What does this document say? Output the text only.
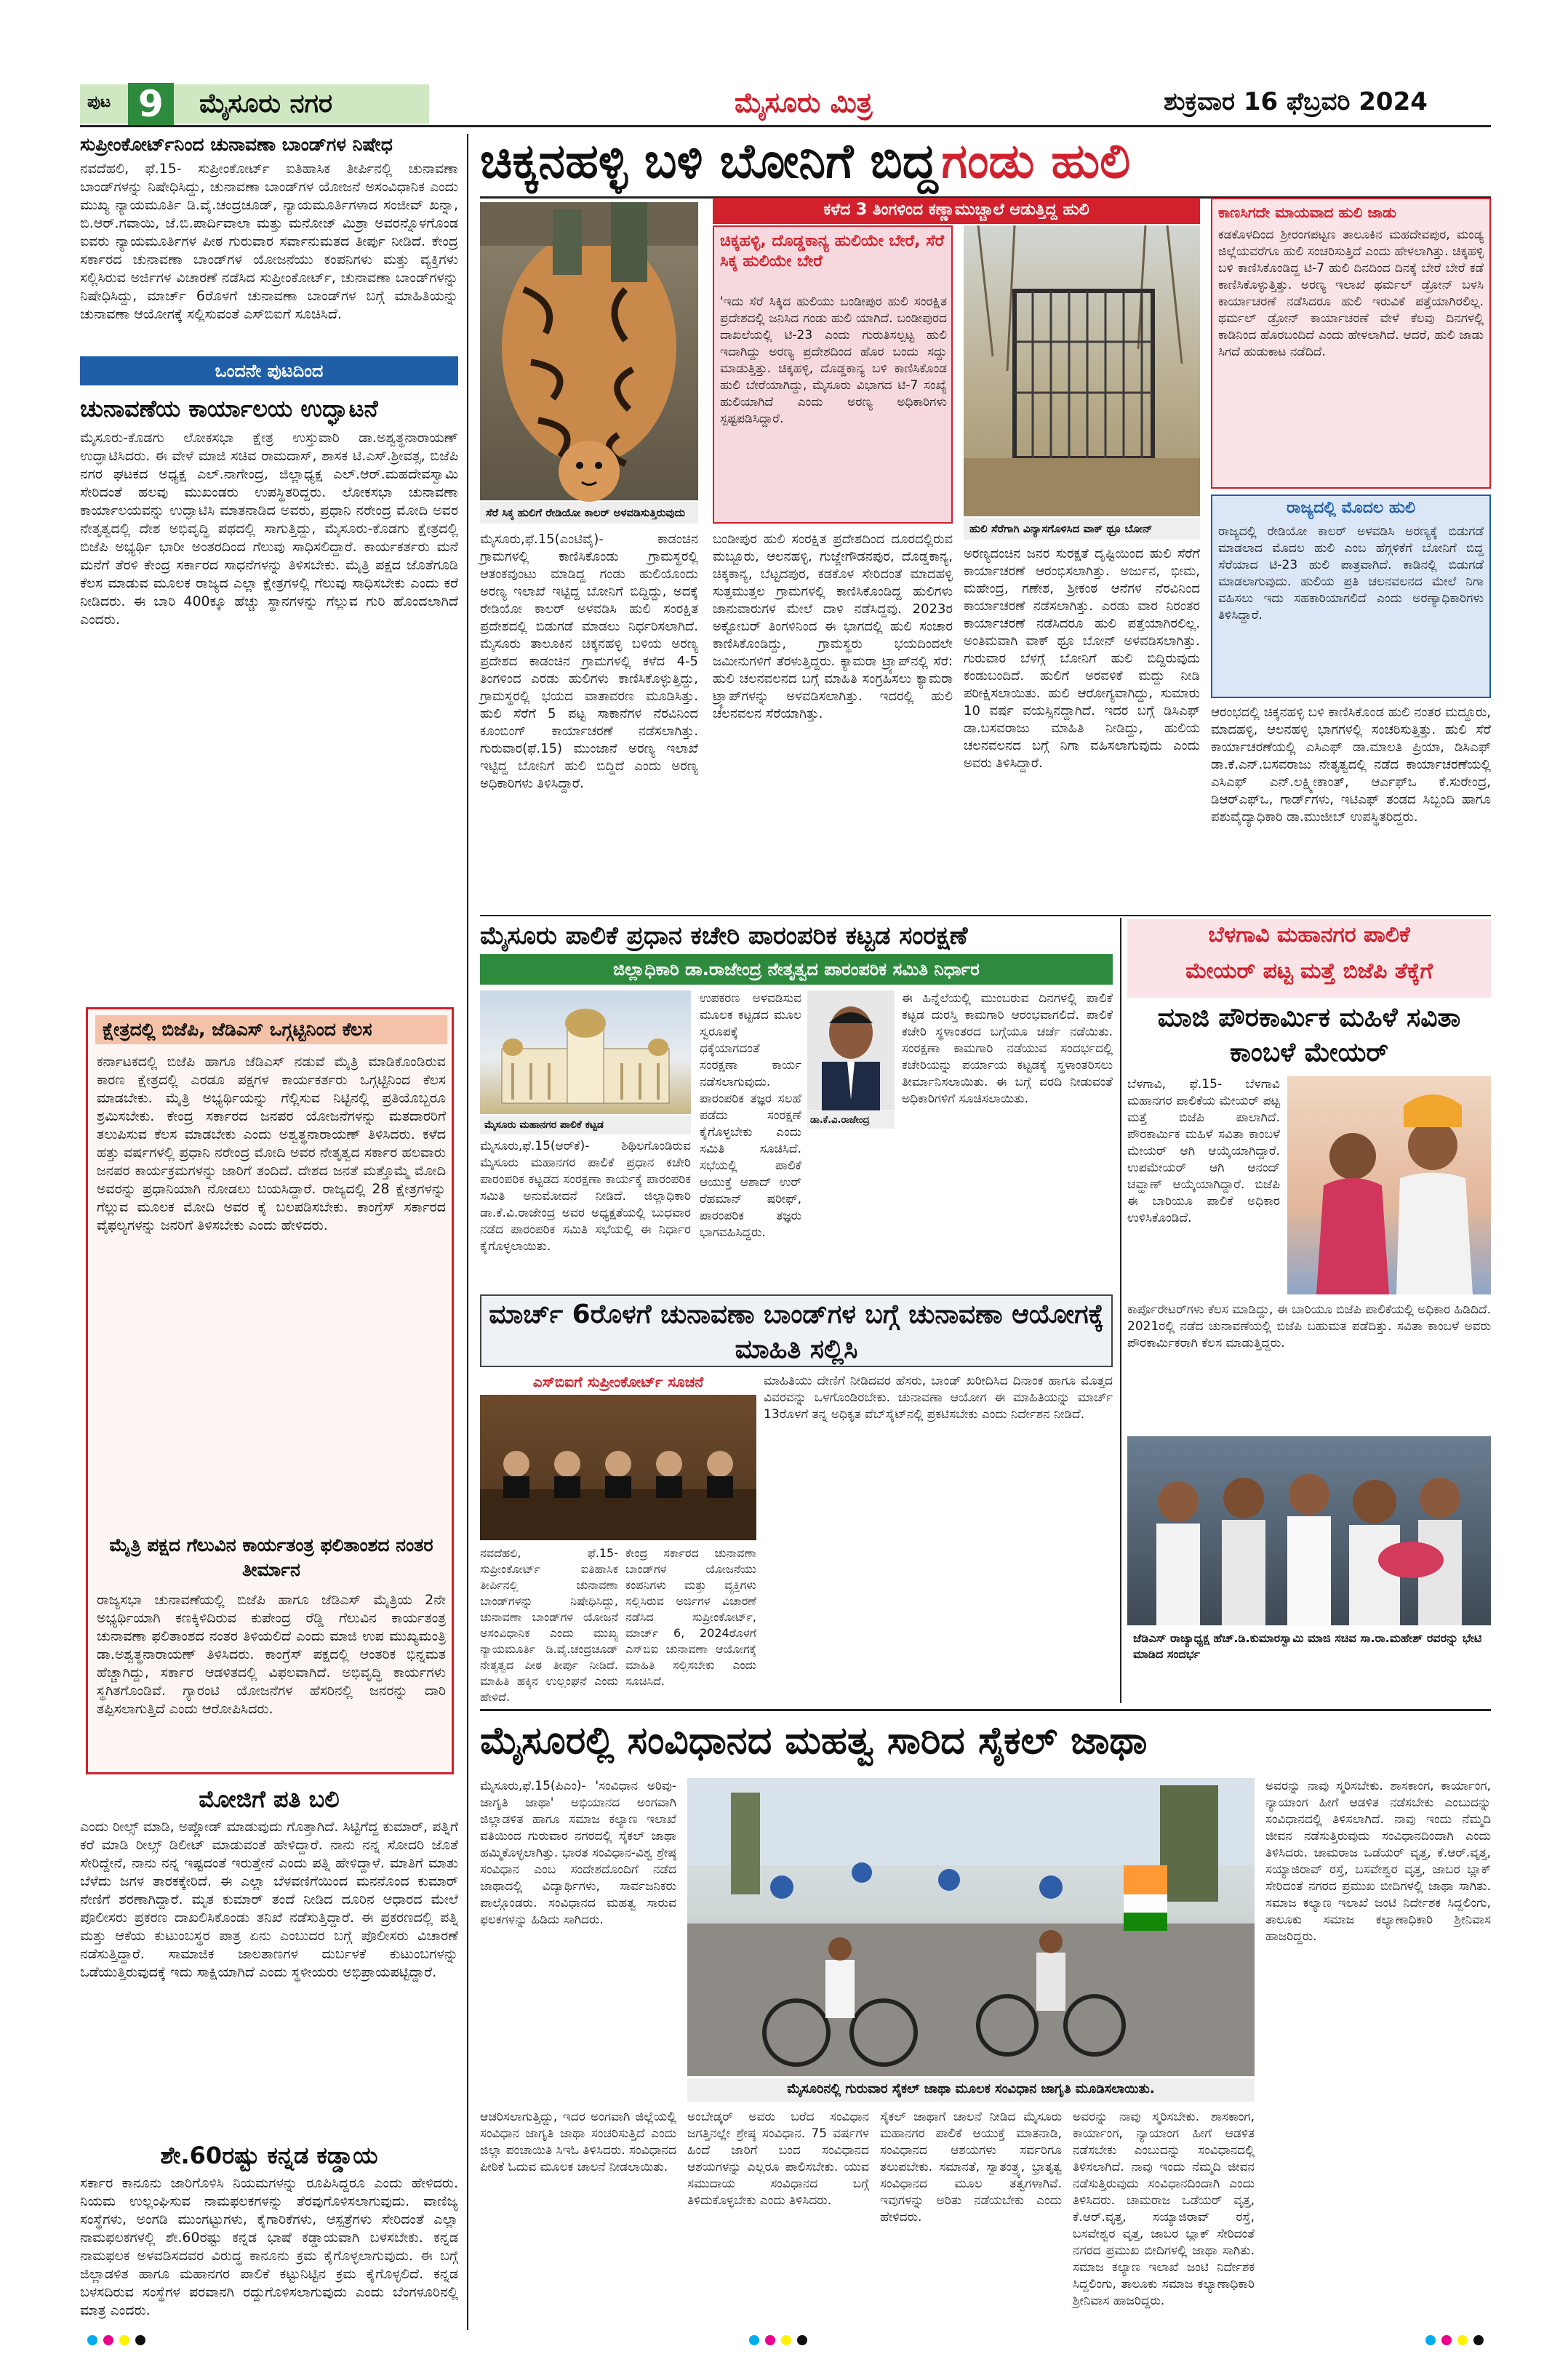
ಪುಟ 9	ಮೈಸೂರು ನಗರ	ಮೈಸೂರು ಮಿತ್ರ	ಶುಕ್ರವಾರ 16 ಫೆಬ್ರವರಿ 2024
ಸುಪ್ರೀಂಕೋರ್ಟ್‌ನಿಂದ ಚುನಾವಣಾ ಬಾಂಡ್‌ಗಳ ನಿಷೇಧ
ನವದೆಹಲಿ, ಫೆ.15- ಸುಪ್ರೀಂಕೋರ್ಟ್ ಐತಿಹಾಸಿಕ ತೀರ್ಪಿನಲ್ಲಿ ಚುನಾವಣಾ ಬಾಂಡ್‌ಗಳನ್ನು ನಿಷೇಧಿಸಿದ್ದು, ಚುನಾವಣಾ ಬಾಂಡ್‌ಗಳ ಯೋಜನೆ ಅಸಂವಿಧಾನಿಕ ಎಂದು ಮುಖ್ಯ ನ್ಯಾಯಮೂರ್ತಿ ಡಿ.ವೈ.ಚಂದ್ರಚೂಡ್, ನ್ಯಾಯಮೂರ್ತಿಗಳಾದ ಸಂಜೀವ್ ಖನ್ನಾ, ಬಿ.ಆರ್.ಗವಾಯಿ, ಜೆ.ಬಿ.ಪಾರ್ದಿವಾಲಾ ಮತ್ತು ಮನೋಜ್ ಮಿಶ್ರಾ ಅವರನ್ನೊಳಗೊಂಡ ಐವರು ನ್ಯಾಯಮೂರ್ತಿಗಳ ಪೀಠ ಗುರುವಾರ ಸರ್ವಾನುಮತದ ತೀರ್ಪು ನೀಡಿದೆ. ಕೇಂದ್ರ ಸರ್ಕಾರದ ಚುನಾವಣಾ ಬಾಂಡ್‌ಗಳ ಯೋಜನೆಯು ಕಂಪನಿಗಳು ಮತ್ತು ವ್ಯಕ್ತಿಗಳು ಸಲ್ಲಿಸಿರುವ ಅರ್ಜಿಗಳ ವಿಚಾರಣೆ ನಡೆಸಿದ ಸುಪ್ರೀಂಕೋರ್ಟ್, ಚುನಾವಣಾ ಬಾಂಡ್‌ಗಳನ್ನು ನಿಷೇಧಿಸಿದ್ದು, ಮಾರ್ಚ್ 6ರೊಳಗೆ ಚುನಾವಣಾ ಬಾಂಡ್‌ಗಳ ಬಗ್ಗೆ ಮಾಹಿತಿಯನ್ನು ಚುನಾವಣಾ ಆಯೋಗಕ್ಕೆ ಸಲ್ಲಿಸುವಂತೆ ಎಸ್‌ಬಿಐಗೆ ಸೂಚಿಸಿದೆ.
ಒಂದನೇ ಪುಟದಿಂದ
ಚುನಾವಣೆಯ ಕಾರ್ಯಾಲಯ ಉದ್ಘಾಟನೆ
ಮೈಸೂರು-ಕೊಡಗು ಲೋಕಸಭಾ ಕ್ಷೇತ್ರ ಉಸ್ತುವಾರಿ ಡಾ.ಅಶ್ವತ್ಥನಾರಾಯಣ್ ಉದ್ಘಾಟಿಸಿದರು. ಈ ವೇಳೆ ಮಾಜಿ ಸಚಿವ ರಾಮದಾಸ್, ಶಾಸಕ ಟಿ.ಎಸ್.ಶ್ರೀವತ್ಸ, ಬಿಜೆಪಿ ನಗರ ಘಟಕದ ಅಧ್ಯಕ್ಷ ಎಲ್.ನಾಗೇಂದ್ರ, ಜಿಲ್ಲಾಧ್ಯಕ್ಷ ಎಲ್.ಆರ್.ಮಹದೇವಸ್ವಾಮಿ ಸೇರಿದಂತೆ ಹಲವು ಮುಖಂಡರು ಉಪಸ್ಥಿತರಿದ್ದರು. ಲೋಕಸಭಾ ಚುನಾವಣಾ ಕಾರ್ಯಾಲಯವನ್ನು ಉದ್ಘಾಟಿಸಿ ಮಾತನಾಡಿದ ಅವರು, ಪ್ರಧಾನಿ ನರೇಂದ್ರ ಮೋದಿ ಅವರ ನೇತೃತ್ವದಲ್ಲಿ ದೇಶ ಅಭಿವೃದ್ಧಿ ಪಥದಲ್ಲಿ ಸಾಗುತ್ತಿದ್ದು, ಮೈಸೂರು-ಕೊಡಗು ಕ್ಷೇತ್ರದಲ್ಲಿ ಬಿಜೆಪಿ ಅಭ್ಯರ್ಥಿ ಭಾರೀ ಅಂತರದಿಂದ ಗೆಲುವು ಸಾಧಿಸಲಿದ್ದಾರೆ. ಕಾರ್ಯಕರ್ತರು ಮನೆ ಮನೆಗೆ ತೆರಳಿ ಕೇಂದ್ರ ಸರ್ಕಾರದ ಸಾಧನೆಗಳನ್ನು ತಿಳಿಸಬೇಕು. ಮೈತ್ರಿ ಪಕ್ಷದ ಜೊತೆಗೂಡಿ ಕೆಲಸ ಮಾಡುವ ಮೂಲಕ ರಾಜ್ಯದ ಎಲ್ಲಾ ಕ್ಷೇತ್ರಗಳಲ್ಲಿ ಗೆಲುವು ಸಾಧಿಸಬೇಕು ಎಂದು ಕರೆ ನೀಡಿದರು. ಈ ಬಾರಿ 400ಕ್ಕೂ ಹೆಚ್ಚು ಸ್ಥಾನಗಳನ್ನು ಗೆಲ್ಲುವ ಗುರಿ ಹೊಂದಲಾಗಿದೆ ಎಂದರು.
ಕ್ಷೇತ್ರದಲ್ಲಿ ಬಿಜೆಪಿ, ಜೆಡಿಎಸ್ ಒಗ್ಗಟ್ಟಿನಿಂದ ಕೆಲಸ
ಕರ್ನಾಟಕದಲ್ಲಿ ಬಿಜೆಪಿ ಹಾಗೂ ಜೆಡಿಎಸ್ ನಡುವೆ ಮೈತ್ರಿ ಮಾಡಿಕೊಂಡಿರುವ ಕಾರಣ ಕ್ಷೇತ್ರದಲ್ಲಿ ಎರಡೂ ಪಕ್ಷಗಳ ಕಾರ್ಯಕರ್ತರು ಒಗ್ಗಟ್ಟಿನಿಂದ ಕೆಲಸ ಮಾಡಬೇಕು. ಮೈತ್ರಿ ಅಭ್ಯರ್ಥಿಯನ್ನು ಗೆಲ್ಲಿಸುವ ನಿಟ್ಟಿನಲ್ಲಿ ಪ್ರತಿಯೊಬ್ಬರೂ ಶ್ರಮಿಸಬೇಕು. ಕೇಂದ್ರ ಸರ್ಕಾರದ ಜನಪರ ಯೋಜನೆಗಳನ್ನು ಮತದಾರರಿಗೆ ತಲುಪಿಸುವ ಕೆಲಸ ಮಾಡಬೇಕು ಎಂದು ಅಶ್ವತ್ಥನಾರಾಯಣ್ ತಿಳಿಸಿದರು. ಕಳೆದ ಹತ್ತು ವರ್ಷಗಳಲ್ಲಿ ಪ್ರಧಾನಿ ನರೇಂದ್ರ ಮೋದಿ ಅವರ ನೇತೃತ್ವದ ಸರ್ಕಾರ ಹಲವಾರು ಜನಪರ ಕಾರ್ಯಕ್ರಮಗಳನ್ನು ಜಾರಿಗೆ ತಂದಿದೆ. ದೇಶದ ಜನತೆ ಮತ್ತೊಮ್ಮೆ ಮೋದಿ ಅವರನ್ನು ಪ್ರಧಾನಿಯಾಗಿ ನೋಡಲು ಬಯಸಿದ್ದಾರೆ. ರಾಜ್ಯದಲ್ಲಿ 28 ಕ್ಷೇತ್ರಗಳನ್ನು ಗೆಲ್ಲುವ ಮೂಲಕ ಮೋದಿ ಅವರ ಕೈ ಬಲಪಡಿಸಬೇಕು. ಕಾಂಗ್ರೆಸ್ ಸರ್ಕಾರದ ವೈಫಲ್ಯಗಳನ್ನು ಜನರಿಗೆ ತಿಳಿಸಬೇಕು ಎಂದು ಹೇಳಿದರು.
ಮೈತ್ರಿ ಪಕ್ಷದ ಗೆಲುವಿನ ಕಾರ್ಯತಂತ್ರ ಫಲಿತಾಂಶದ ನಂತರ ತೀರ್ಮಾನ
ರಾಜ್ಯಸಭಾ ಚುನಾವಣೆಯಲ್ಲಿ ಬಿಜೆಪಿ ಹಾಗೂ ಜೆಡಿಎಸ್ ಮೈತ್ರಿಯ 2ನೇ ಅಭ್ಯರ್ಥಿಯಾಗಿ ಕಣಕ್ಕಿಳಿದಿರುವ ಕುಪೇಂದ್ರ ರೆಡ್ಡಿ ಗೆಲುವಿನ ಕಾರ್ಯತಂತ್ರ ಚುನಾವಣಾ ಫಲಿತಾಂಶದ ನಂತರ ತಿಳಿಯಲಿದೆ ಎಂದು ಮಾಜಿ ಉಪ ಮುಖ್ಯಮಂತ್ರಿ ಡಾ.ಅಶ್ವತ್ಥನಾರಾಯಣ್ ತಿಳಿಸಿದರು. ಕಾಂಗ್ರೆಸ್ ಪಕ್ಷದಲ್ಲಿ ಆಂತರಿಕ ಭಿನ್ನಮತ ಹೆಚ್ಚಾಗಿದ್ದು, ಸರ್ಕಾರ ಆಡಳಿತದಲ್ಲಿ ವಿಫಲವಾಗಿದೆ. ಅಭಿವೃದ್ಧಿ ಕಾರ್ಯಗಳು ಸ್ಥಗಿತಗೊಂಡಿವೆ. ಗ್ಯಾರಂಟಿ ಯೋಜನೆಗಳ ಹೆಸರಿನಲ್ಲಿ ಜನರನ್ನು ದಾರಿ ತಪ್ಪಿಸಲಾಗುತ್ತಿದೆ ಎಂದು ಆರೋಪಿಸಿದರು.
ಮೋಜಿಗೆ ಪತಿ ಬಲಿ
ಎಂದು ರೀಲ್ಸ್ ಮಾಡಿ, ಅಪ್ಲೋಡ್ ಮಾಡುವುದು ಗೊತ್ತಾಗಿದೆ. ಸಿಟ್ಟಿಗೆದ್ದ ಕುಮಾರ್, ಪತ್ನಿಗೆ ಕರೆ ಮಾಡಿ ರೀಲ್ಸ್ ಡಿಲೀಟ್ ಮಾಡುವಂತೆ ಹೇಳಿದ್ದಾರೆ. ನಾನು ನನ್ನ ಸೋದರಿ ಜೊತೆ ಸೇರಿದ್ದೇನೆ, ನಾನು ನನ್ನ ಇಷ್ಟದಂತೆ ಇರುತ್ತೇನೆ ಎಂದು ಪತ್ನಿ ಹೇಳಿದ್ದಾಳೆ. ಮಾತಿಗೆ ಮಾತು ಬೆಳೆದು ಜಗಳ ತಾರಕಕ್ಕೇರಿದೆ. ಈ ಎಲ್ಲಾ ಬೆಳವಣಿಗೆಯಿಂದ ಮನನೊಂದ ಕುಮಾರ್ ನೇಣಿಗೆ ಶರಣಾಗಿದ್ದಾರೆ. ಮೃತ ಕುಮಾರ್ ತಂದೆ ನೀಡಿದ ದೂರಿನ ಆಧಾರದ ಮೇಲೆ ಪೊಲೀಸರು ಪ್ರಕರಣ ದಾಖಲಿಸಿಕೊಂಡು ತನಿಖೆ ನಡೆಸುತ್ತಿದ್ದಾರೆ. ಈ ಪ್ರಕರಣದಲ್ಲಿ ಪತ್ನಿ ಮತ್ತು ಆಕೆಯ ಕುಟುಂಬಸ್ಥರ ಪಾತ್ರ ಏನು ಎಂಬುದರ ಬಗ್ಗೆ ಪೊಲೀಸರು ವಿಚಾರಣೆ ನಡೆಸುತ್ತಿದ್ದಾರೆ. ಸಾಮಾಜಿಕ ಜಾಲತಾಣಗಳ ದುರ್ಬಳಕೆ ಕುಟುಂಬಗಳನ್ನು ಒಡೆಯುತ್ತಿರುವುದಕ್ಕೆ ಇದು ಸಾಕ್ಷಿಯಾಗಿದೆ ಎಂದು ಸ್ಥಳೀಯರು ಅಭಿಪ್ರಾಯಪಟ್ಟಿದ್ದಾರೆ.
ಶೇ.60ರಷ್ಟು ಕನ್ನಡ ಕಡ್ಡಾಯ
ಸರ್ಕಾರ ಕಾನೂನು ಜಾರಿಗೊಳಿಸಿ ನಿಯಮಗಳನ್ನು ರೂಪಿಸಿದ್ದರೂ ಎಂದು ಹೇಳಿದರು. ನಿಯಮ ಉಲ್ಲಂಘಿಸುವ ನಾಮಫಲಕಗಳನ್ನು ತೆರವುಗೊಳಿಸಲಾಗುವುದು. ವಾಣಿಜ್ಯ ಸಂಸ್ಥೆಗಳು, ಅಂಗಡಿ ಮುಂಗಟ್ಟುಗಳು, ಕೈಗಾರಿಕೆಗಳು, ಆಸ್ಪತ್ರೆಗಳು ಸೇರಿದಂತೆ ಎಲ್ಲಾ ನಾಮಫಲಕಗಳಲ್ಲಿ ಶೇ.60ರಷ್ಟು ಕನ್ನಡ ಭಾಷೆ ಕಡ್ಡಾಯವಾಗಿ ಬಳಸಬೇಕು. ಕನ್ನಡ ನಾಮಫಲಕ ಅಳವಡಿಸದವರ ವಿರುದ್ಧ ಕಾನೂನು ಕ್ರಮ ಕೈಗೊಳ್ಳಲಾಗುವುದು. ಈ ಬಗ್ಗೆ ಜಿಲ್ಲಾಡಳಿತ ಹಾಗೂ ಮಹಾನಗರ ಪಾಲಿಕೆ ಕಟ್ಟುನಿಟ್ಟಿನ ಕ್ರಮ ಕೈಗೊಳ್ಳಲಿದೆ. ಕನ್ನಡ ಬಳಸದಿರುವ ಸಂಸ್ಥೆಗಳ ಪರವಾನಗಿ ರದ್ದುಗೊಳಿಸಲಾಗುವುದು ಎಂದು ಬೆಂಗಳೂರಿನಲ್ಲಿ ಮಾತ್ರ ಎಂದರು.
ಚಿಕ್ಕನಹಳ್ಳಿ ಬಳಿ ಬೋನಿಗೆ ಬಿದ್ದ ಗಂಡು ಹುಲಿ
ಸೆರೆ ಸಿಕ್ಕ ಹುಲಿಗೆ ರೇಡಿಯೋ ಕಾಲರ್ ಅಳವಡಿಸುತ್ತಿರುವುದು
ಕಳೆದ 3 ತಿಂಗಳಿಂದ ಕಣ್ಣಾಮುಚ್ಚಾಲೆ ಆಡುತ್ತಿದ್ದ ಹುಲಿ
ಚಿಕ್ಕಹಳ್ಳಿ, ದೊಡ್ಡಕಾನ್ಯ ಹುಲಿಯೇ ಬೇರೆ, ಸೆರೆ ಸಿಕ್ಕ ಹುಲಿಯೇ ಬೇರೆ
'ಇದು ಸೆರೆ ಸಿಕ್ಕಿದ ಹುಲಿಯು ಬಂಡೀಪುರ ಹುಲಿ ಸಂರಕ್ಷಿತ ಪ್ರದೇಶದಲ್ಲಿ ಜನಿಸಿದ ಗಂಡು ಹುಲಿ ಯಾಗಿದೆ. ಬಂಡೀಪುರದ ದಾಖಲೆಯಲ್ಲಿ ಟಿ-23 ಎಂದು ಗುರುತಿಸಲ್ಪಟ್ಟ ಹುಲಿ ಇದಾಗಿದ್ದು ಅರಣ್ಯ ಪ್ರದೇಶದಿಂದ ಹೊರ ಬಂದು ಸದ್ದು ಮಾಡುತ್ತಿತ್ತು. ಚಿಕ್ಕಹಳ್ಳಿ, ದೊಡ್ಡಕಾನ್ಯ ಬಳಿ ಕಾಣಿಸಿಕೊಂಡ ಹುಲಿ ಬೇರೆಯಾಗಿದ್ದು, ಮೈಸೂರು ವಿಭಾಗದ ಟಿ-7 ಸಂಖ್ಯೆ ಹುಲಿಯಾಗಿದೆ ಎಂದು ಅರಣ್ಯ ಅಧಿಕಾರಿಗಳು ಸ್ಪಷ್ಟಪಡಿಸಿದ್ದಾರೆ.
ಹುಲಿ ಸೆರೆಗಾಗಿ ವಿನ್ಯಾಸಗೊಳಿಸಿದ ವಾಕ್ ಥ್ರೂ ಬೋನ್
ಕಾಣಸಿಗದೇ ಮಾಯವಾದ ಹುಲಿ ಜಾಡು
ಕಡಕೊಳದಿಂದ ಶ್ರೀರಂಗಪಟ್ಟಣ ತಾಲೂಕಿನ ಮಹದೇವಪುರ, ಮಂಡ್ಯ ಜಿಲ್ಲೆಯವರೆಗೂ ಹುಲಿ ಸಂಚರಿಸುತ್ತಿದೆ ಎಂದು ಹೇಳಲಾಗಿತ್ತು. ಚಿಕ್ಕಹಳ್ಳಿ ಬಳಿ ಕಾಣಿಸಿಕೊಂಡಿದ್ದ ಟಿ-7 ಹುಲಿ ದಿನದಿಂದ ದಿನಕ್ಕೆ ಬೇರೆ ಬೇರೆ ಕಡೆ ಕಾಣಿಸಿಕೊಳ್ಳುತ್ತಿತ್ತು. ಅರಣ್ಯ ಇಲಾಖೆ ಥರ್ಮಲ್ ಡ್ರೋನ್ ಬಳಸಿ ಕಾರ್ಯಾಚರಣೆ ನಡೆಸಿದರೂ ಹುಲಿ ಇರುವಿಕೆ ಪತ್ತೆಯಾಗಿರಲಿಲ್ಲ. ಥರ್ಮಲ್ ಡ್ರೋನ್ ಕಾರ್ಯಾಚರಣೆ ವೇಳೆ ಕೆಲವು ದಿನಗಳಲ್ಲಿ ಕಾಡಿನಿಂದ ಹೊರಬಂದಿದೆ ಎಂದು ಹೇಳಲಾಗಿದೆ. ಆದರೆ, ಹುಲಿ ಜಾಡು ಸಿಗದೆ ಹುಡುಕಾಟ ನಡೆದಿದೆ.
ರಾಜ್ಯದಲ್ಲಿ ಮೊದಲ ಹುಲಿ
ರಾಜ್ಯದಲ್ಲಿ ರೇಡಿಯೋ ಕಾಲರ್ ಅಳವಡಿಸಿ ಅರಣ್ಯಕ್ಕೆ ಬಿಡುಗಡೆ ಮಾಡಲಾದ ಮೊದಲ ಹುಲಿ ಎಂಬ ಹೆಗ್ಗಳಿಕೆಗೆ ಬೋನಿಗೆ ಬಿದ್ದ ಸೆರೆಯಾದ ಟಿ-23 ಹುಲಿ ಪಾತ್ರವಾಗಿದೆ. ಕಾಡಿನಲ್ಲಿ ಬಿಡುಗಡೆ ಮಾಡಲಾಗುವುದು. ಹುಲಿಯ ಪ್ರತಿ ಚಲನವಲನದ ಮೇಲೆ ನಿಗಾ ವಹಿಸಲು ಇದು ಸಹಕಾರಿಯಾಗಲಿದೆ ಎಂದು ಅರಣ್ಯಾಧಿಕಾರಿಗಳು ತಿಳಿಸಿದ್ದಾರೆ.
ಮೈಸೂರು,ಫೆ.15(ಎಂಟಿವೈ)- ಕಾಡಂಚಿನ ಗ್ರಾಮಗಳಲ್ಲಿ ಕಾಣಿಸಿಕೊಂಡು ಗ್ರಾಮಸ್ಥರಲ್ಲಿ ಆತಂಕವುಂಟು ಮಾಡಿದ್ದ ಗಂಡು ಹುಲಿಯೊಂದು ಅರಣ್ಯ ಇಲಾಖೆ ಇಟ್ಟಿದ್ದ ಬೋನಿಗೆ ಬಿದ್ದಿದ್ದು, ಅದಕ್ಕೆ ರೇಡಿಯೋ ಕಾಲರ್ ಅಳವಡಿಸಿ ಹುಲಿ ಸಂರಕ್ಷಿತ ಪ್ರದೇಶದಲ್ಲಿ ಬಿಡುಗಡೆ ಮಾಡಲು ನಿರ್ಧರಿಸಲಾಗಿದೆ. ಮೈಸೂರು ತಾಲೂಕಿನ ಚಿಕ್ಕನಹಳ್ಳಿ ಬಳಿಯ ಅರಣ್ಯ ಪ್ರದೇಶದ ಕಾಡಂಚಿನ ಗ್ರಾಮಗಳಲ್ಲಿ ಕಳೆದ 4-5 ತಿಂಗಳಿಂದ ಎರಡು ಹುಲಿಗಳು ಕಾಣಿಸಿಕೊಳ್ಳುತ್ತಿದ್ದು, ಗ್ರಾಮಸ್ಥರಲ್ಲಿ ಭಯದ ವಾತಾವರಣ ಮೂಡಿಸಿತ್ತು. ಹುಲಿ ಸೆರೆಗೆ 5 ಪಟ್ಟ ಸಾಕಾನೆಗಳ ನೆರವಿನಿಂದ ಕೂಂಬಿಂಗ್ ಕಾರ್ಯಾಚರಣೆ ನಡೆಸಲಾಗಿತ್ತು. ಗುರುವಾರ(ಫೆ.15) ಮುಂಜಾನೆ ಅರಣ್ಯ ಇಲಾಖೆ ಇಟ್ಟಿದ್ದ ಬೋನಿಗೆ ಹುಲಿ ಬಿದ್ದಿದೆ ಎಂದು ಅರಣ್ಯ ಅಧಿಕಾರಿಗಳು ತಿಳಿಸಿದ್ದಾರೆ.
ಬಂಡೀಪುರ ಹುಲಿ ಸಂರಕ್ಷಿತ ಪ್ರದೇಶದಿಂದ ದೂರದಲ್ಲಿರುವ ಮಬ್ಬೂರು, ಆಲನಹಳ್ಳಿ, ಗುಜ್ಜೇಗೌಡನಪುರ, ದೊಡ್ಡಕಾನ್ಯ, ಚಿಕ್ಕಕಾನ್ಯ, ಬೆಟ್ಟದಪುರ, ಕಡಕೊಳ ಸೇರಿದಂತೆ ಮಾದಹಳ್ಳಿ ಸುತ್ತಮುತ್ತಲ ಗ್ರಾಮಗಳಲ್ಲಿ ಕಾಣಿಸಿಕೊಂಡಿದ್ದ ಹುಲಿಗಳು ಜಾನುವಾರುಗಳ ಮೇಲೆ ದಾಳಿ ನಡೆಸಿದ್ದವು. 2023ರ ಅಕ್ಟೋಬರ್ ತಿಂಗಳಿನಿಂದ ಈ ಭಾಗದಲ್ಲಿ ಹುಲಿ ಸಂಚಾರ ಕಾಣಿಸಿಕೊಂಡಿದ್ದು, ಗ್ರಾಮಸ್ಥರು ಭಯದಿಂದಲೇ ಜಮೀನುಗಳಿಗೆ ತೆರಳುತ್ತಿದ್ದರು. ಕ್ಯಾಮರಾ ಟ್ರ್ಯಾಪ್‌ನಲ್ಲಿ ಸೆರೆ: ಹುಲಿ ಚಲನವಲನದ ಬಗ್ಗೆ ಮಾಹಿತಿ ಸಂಗ್ರಹಿಸಲು ಕ್ಯಾಮರಾ ಟ್ರ್ಯಾಪ್‌ಗಳನ್ನು ಅಳವಡಿಸಲಾಗಿತ್ತು. ಇದರಲ್ಲಿ ಹುಲಿ ಚಲನವಲನ ಸೆರೆಯಾಗಿತ್ತು.
ಅರಣ್ಯದಂಚಿನ ಜನರ ಸುರಕ್ಷತೆ ದೃಷ್ಟಿಯಿಂದ ಹುಲಿ ಸೆರೆಗೆ ಕಾರ್ಯಾಚರಣೆ ಆರಂಭಿಸಲಾಗಿತ್ತು. ಅರ್ಜುನ, ಭೀಮ, ಮಹೇಂದ್ರ, ಗಣೇಶ, ಶ್ರೀಕಂಠ ಆನೆಗಳ ನೆರವಿನಿಂದ ಕಾರ್ಯಾಚರಣೆ ನಡೆಸಲಾಗಿತ್ತು. ಎರಡು ವಾರ ನಿರಂತರ ಕಾರ್ಯಾಚರಣೆ ನಡೆಸಿದರೂ ಹುಲಿ ಪತ್ತೆಯಾಗಿರಲಿಲ್ಲ. ಅಂತಿಮವಾಗಿ ವಾಕ್ ಥ್ರೂ ಬೋನ್ ಅಳವಡಿಸಲಾಗಿತ್ತು. ಗುರುವಾರ ಬೆಳಗ್ಗೆ ಬೋನಿಗೆ ಹುಲಿ ಬಿದ್ದಿರುವುದು ಕಂಡುಬಂದಿದೆ. ಹುಲಿಗೆ ಅರವಳಿಕೆ ಮದ್ದು ನೀಡಿ ಪರೀಕ್ಷಿಸಲಾಯಿತು. ಹುಲಿ ಆರೋಗ್ಯವಾಗಿದ್ದು, ಸುಮಾರು 10 ವರ್ಷ ವಯಸ್ಸಿನದ್ದಾಗಿದೆ. ಇದರ ಬಗ್ಗೆ ಡಿಸಿಎಫ್ ಡಾ.ಬಸವರಾಜು ಮಾಹಿತಿ ನೀಡಿದ್ದು, ಹುಲಿಯ ಚಲನವಲನದ ಬಗ್ಗೆ ನಿಗಾ ವಹಿಸಲಾಗುವುದು ಎಂದು ಅವರು ತಿಳಿಸಿದ್ದಾರೆ.
ಆರಂಭದಲ್ಲಿ ಚಿಕ್ಕನಹಳ್ಳಿ ಬಳಿ ಕಾಣಿಸಿಕೊಂಡ ಹುಲಿ ನಂತರ ಮದ್ದೂರು, ಮಾದಹಳ್ಳಿ, ಆಲನಹಳ್ಳಿ ಭಾಗಗಳಲ್ಲಿ ಸಂಚರಿಸುತ್ತಿತ್ತು. ಹುಲಿ ಸೆರೆ ಕಾರ್ಯಾಚರಣೆಯಲ್ಲಿ ಎಸಿಎಫ್ ಡಾ.ಮಾಲತಿ ಪ್ರಿಯಾ, ಡಿಸಿಎಫ್ ಡಾ.ಕೆ.ಎನ್.ಬಸವರಾಜು ನೇತೃತ್ವದಲ್ಲಿ ನಡೆದ ಕಾರ್ಯಾಚರಣೆಯಲ್ಲಿ ಎಸಿಎಫ್ ಎನ್.ಲಕ್ಷ್ಮೀಕಾಂತ್, ಆರ್ಎಫ್ಒ ಕೆ.ಸುರೇಂದ್ರ, ಡಿಆರ್‌ಎಫ್‌ಒ, ಗಾರ್ಡ್‌ಗಳು, ಇಟಿಎಫ್ ತಂಡದ ಸಿಬ್ಬಂದಿ ಹಾಗೂ ಪಶುವೈದ್ಯಾಧಿಕಾರಿ ಡಾ.ಮುಜೀಬ್ ಉಪಸ್ಥಿತರಿದ್ದರು.
ಮೈಸೂರು ಪಾಲಿಕೆ ಪ್ರಧಾನ ಕಚೇರಿ ಪಾರಂಪರಿಕ ಕಟ್ಟಡ ಸಂರಕ್ಷಣೆ
ಜಿಲ್ಲಾಧಿಕಾರಿ ಡಾ.ರಾಜೇಂದ್ರ ನೇತೃತ್ವದ ಪಾರಂಪರಿಕ ಸಮಿತಿ ನಿರ್ಧಾರ
ಮೈಸೂರು ಮಹಾನಗರ ಪಾಲಿಕೆ ಕಟ್ಟಡ	ಡಾ.ಕೆ.ವಿ.ರಾಜೇಂದ್ರ
ಮೈಸೂರು,ಫೆ.15(ಆರ್‌ಕೆ)- ಶಿಥಿಲಗೊಂಡಿರುವ ಮೈಸೂರು ಮಹಾನಗರ ಪಾಲಿಕೆ ಪ್ರಧಾನ ಕಚೇರಿ ಪಾರಂಪರಿಕ ಕಟ್ಟಡದ ಸಂರಕ್ಷಣಾ ಕಾರ್ಯಕ್ಕೆ ಪಾರಂಪರಿಕ ಸಮಿತಿ ಅನುಮೋದನೆ ನೀಡಿದೆ. ಜಿಲ್ಲಾಧಿಕಾರಿ ಡಾ.ಕೆ.ವಿ.ರಾಜೇಂದ್ರ ಅವರ ಅಧ್ಯಕ್ಷತೆಯಲ್ಲಿ ಬುಧವಾರ ನಡೆದ ಪಾರಂಪರಿಕ ಸಮಿತಿ ಸಭೆಯಲ್ಲಿ ಈ ನಿರ್ಧಾರ ಕೈಗೊಳ್ಳಲಾಯಿತು.
ಉಪಕರಣ ಅಳವಡಿಸುವ ಮೂಲಕ ಕಟ್ಟಡದ ಮೂಲ ಸ್ವರೂಪಕ್ಕೆ ಧಕ್ಕೆಯಾಗದಂತೆ ಸಂರಕ್ಷಣಾ ಕಾರ್ಯ ನಡೆಸಲಾಗುವುದು. ಪಾರಂಪರಿಕ ತಜ್ಞರ ಸಲಹೆ ಪಡೆದು ಸಂರಕ್ಷಣೆ ಕೈಗೊಳ್ಳಬೇಕು ಎಂದು ಸಮಿತಿ ಸೂಚಿಸಿದೆ. ಸಭೆಯಲ್ಲಿ ಪಾಲಿಕೆ ಆಯುಕ್ತೆ ಆಶಾದ್ ಉರ್ ರೆಹಮಾನ್ ಷರೀಫ್, ಪಾರಂಪರಿಕ ತಜ್ಞರು ಭಾಗವಹಿಸಿದ್ದರು.
ಈ ಹಿನ್ನೆಲೆಯಲ್ಲಿ ಮುಂಬರುವ ದಿನಗಳಲ್ಲಿ ಪಾಲಿಕೆ ಕಟ್ಟಡ ದುರಸ್ತಿ ಕಾಮಗಾರಿ ಆರಂಭವಾಗಲಿದೆ. ಪಾಲಿಕೆ ಕಚೇರಿ ಸ್ಥಳಾಂತರದ ಬಗ್ಗೆಯೂ ಚರ್ಚೆ ನಡೆಯಿತು. ಸಂರಕ್ಷಣಾ ಕಾಮಗಾರಿ ನಡೆಯುವ ಸಂದರ್ಭದಲ್ಲಿ ಕಚೇರಿಯನ್ನು ಪರ್ಯಾಯ ಕಟ್ಟಡಕ್ಕೆ ಸ್ಥಳಾಂತರಿಸಲು ತೀರ್ಮಾನಿಸಲಾಯಿತು. ಈ ಬಗ್ಗೆ ವರದಿ ನೀಡುವಂತೆ ಅಧಿಕಾರಿಗಳಿಗೆ ಸೂಚಿಸಲಾಯಿತು.
ಮಾರ್ಚ್ 6ರೊಳಗೆ ಚುನಾವಣಾ ಬಾಂಡ್‌ಗಳ ಬಗ್ಗೆ ಚುನಾವಣಾ ಆಯೋಗಕ್ಕೆ ಮಾಹಿತಿ ಸಲ್ಲಿಸಿ
ಎಸ್‌ಬಿಐಗೆ ಸುಪ್ರೀಂಕೋರ್ಟ್ ಸೂಚನೆ
ನವದೆಹಲಿ, ಫೆ.15- ಸುಪ್ರೀಂಕೋರ್ಟ್ ಐತಿಹಾಸಿಕ ತೀರ್ಪಿನಲ್ಲಿ ಚುನಾವಣಾ ಬಾಂಡ್‌ಗಳನ್ನು ನಿಷೇಧಿಸಿದ್ದು, ಚುನಾವಣಾ ಬಾಂಡ್‌ಗಳ ಯೋಜನೆ ಅಸಂವಿಧಾನಿಕ ಎಂದು ಮುಖ್ಯ ನ್ಯಾಯಮೂರ್ತಿ ಡಿ.ವೈ.ಚಂದ್ರಚೂಡ್ ನೇತೃತ್ವದ ಪೀಠ ತೀರ್ಪು ನೀಡಿದೆ. ಮಾಹಿತಿ ಹಕ್ಕಿನ ಉಲ್ಲಂಘನೆ ಎಂದು ಹೇಳಿದೆ.
ಕೇಂದ್ರ ಸರ್ಕಾರದ ಚುನಾವಣಾ ಬಾಂಡ್‌ಗಳ ಯೋಜನೆಯು ಕಂಪನಿಗಳು ಮತ್ತು ವ್ಯಕ್ತಿಗಳು ಸಲ್ಲಿಸಿರುವ ಅರ್ಜಿಗಳ ವಿಚಾರಣೆ ನಡೆಸಿದ ಸುಪ್ರೀಂಕೋರ್ಟ್, ಮಾರ್ಚ್ 6, 2024ರೊಳಗೆ ಎಸ್‌ಬಿಐ ಚುನಾವಣಾ ಆಯೋಗಕ್ಕೆ ಮಾಹಿತಿ ಸಲ್ಲಿಸಬೇಕು ಎಂದು ಸೂಚಿಸಿದೆ.
ಮಾಹಿತಿಯು ದೇಣಿಗೆ ನೀಡಿದವರ ಹೆಸರು, ಬಾಂಡ್ ಖರೀದಿಸಿದ ದಿನಾಂಕ ಹಾಗೂ ಮೊತ್ತದ ವಿವರವನ್ನು ಒಳಗೊಂಡಿರಬೇಕು. ಚುನಾವಣಾ ಆಯೋಗ ಈ ಮಾಹಿತಿಯನ್ನು ಮಾರ್ಚ್ 13ರೊಳಗೆ ತನ್ನ ಅಧಿಕೃತ ವೆಬ್‌ಸೈಟ್‌ನಲ್ಲಿ ಪ್ರಕಟಿಸಬೇಕು ಎಂದು ನಿರ್ದೇಶನ ನೀಡಿದೆ.
ಬೆಳಗಾವಿ ಮಹಾನಗರ ಪಾಲಿಕೆ
ಮೇಯರ್ ಪಟ್ಟ ಮತ್ತೆ ಬಿಜೆಪಿ ತೆಕ್ಕೆಗೆ
ಮಾಜಿ ಪೌರಕಾರ್ಮಿಕ ಮಹಿಳೆ ಸವಿತಾ ಕಾಂಬಳೆ ಮೇಯರ್
ಬೆಳಗಾವಿ, ಫೆ.15- ಬೆಳಗಾವಿ ಮಹಾನಗರ ಪಾಲಿಕೆಯ ಮೇಯರ್ ಪಟ್ಟ ಮತ್ತೆ ಬಿಜೆಪಿ ಪಾಲಾಗಿದೆ. ಪೌರಕಾರ್ಮಿಕ ಮಹಿಳೆ ಸವಿತಾ ಕಾಂಬಳೆ ಮೇಯರ್ ಆಗಿ ಆಯ್ಕೆಯಾಗಿದ್ದಾರೆ. ಉಪಮೇಯರ್ ಆಗಿ ಆನಂದ್ ಚವ್ಹಾಣ್ ಆಯ್ಕೆಯಾಗಿದ್ದಾರೆ. ಬಿಜೆಪಿ ಈ ಬಾರಿಯೂ ಪಾಲಿಕೆ ಅಧಿಕಾರ ಉಳಿಸಿಕೊಂಡಿದೆ.
ಕಾರ್ಪೊರೇಟರ್‌ಗಳು ಕೆಲಸ ಮಾಡಿದ್ದು, ಈ ಬಾರಿಯೂ ಬಿಜೆಪಿ ಪಾಲಿಕೆಯಲ್ಲಿ ಅಧಿಕಾರ ಹಿಡಿದಿದೆ. 2021ರಲ್ಲಿ ನಡೆದ ಚುನಾವಣೆಯಲ್ಲಿ ಬಿಜೆಪಿ ಬಹುಮತ ಪಡೆದಿತ್ತು. ಸವಿತಾ ಕಾಂಬಳೆ ಅವರು ಪೌರಕಾರ್ಮಿಕರಾಗಿ ಕೆಲಸ ಮಾಡುತ್ತಿದ್ದರು.
ಜೆಡಿಎಸ್ ರಾಜ್ಯಾಧ್ಯಕ್ಷ ಹೆಚ್.ಡಿ.ಕುಮಾರಸ್ವಾಮಿ ಮಾಜಿ ಸಚಿವ ಸಾ.ರಾ.ಮಹೇಶ್ ರವರನ್ನು ಭೇಟಿ ಮಾಡಿದ ಸಂದರ್ಭ
ಮೈಸೂರಲ್ಲಿ ಸಂವಿಧಾನದ ಮಹತ್ವ ಸಾರಿದ ಸೈಕಲ್ ಜಾಥಾ
ಮೈಸೂರು,ಫೆ.15(ಪಿಎಂ)- 'ಸಂವಿಧಾನ ಅರಿವು-ಜಾಗೃತಿ ಜಾಥಾ' ಅಭಿಯಾನದ ಅಂಗವಾಗಿ ಜಿಲ್ಲಾಡಳಿತ ಹಾಗೂ ಸಮಾಜ ಕಲ್ಯಾಣ ಇಲಾಖೆ ವತಿಯಿಂದ ಗುರುವಾರ ನಗರದಲ್ಲಿ ಸೈಕಲ್ ಜಾಥಾ ಹಮ್ಮಿಕೊಳ್ಳಲಾಗಿತ್ತು. ಭಾರತ ಸಂವಿಧಾನ-ವಿಶ್ವ ಶ್ರೇಷ್ಠ ಸಂವಿಧಾನ ಎಂಬ ಸಂದೇಶದೊಂದಿಗೆ ನಡೆದ ಜಾಥಾದಲ್ಲಿ ವಿದ್ಯಾರ್ಥಿಗಳು, ಸಾರ್ವಜನಿಕರು ಪಾಲ್ಗೊಂಡರು. ಸಂವಿಧಾನದ ಮಹತ್ವ ಸಾರುವ ಫಲಕಗಳನ್ನು ಹಿಡಿದು ಸಾಗಿದರು.
ಮೈಸೂರಿನಲ್ಲಿ ಗುರುವಾರ ಸೈಕಲ್ ಜಾಥಾ ಮೂಲಕ ಸಂವಿಧಾನ ಜಾಗೃತಿ ಮೂಡಿಸಲಾಯಿತು.
ಅವರನ್ನು ನಾವು ಸ್ಮರಿಸಬೇಕು. ಶಾಸಕಾಂಗ, ಕಾರ್ಯಾಂಗ, ನ್ಯಾಯಾಂಗ ಹೀಗೆ ಆಡಳಿತ ನಡೆಸಬೇಕು ಎಂಬುದನ್ನು ಸಂವಿಧಾನದಲ್ಲಿ ತಿಳಿಸಲಾಗಿದೆ. ನಾವು ಇಂದು ನೆಮ್ಮದಿ ಜೀವನ ನಡೆಸುತ್ತಿರುವುದು ಸಂವಿಧಾನದಿಂದಾಗಿ ಎಂದು ತಿಳಿಸಿದರು. ಚಾಮರಾಜ ಒಡೆಯರ್ ವೃತ್ತ, ಕೆ.ಆರ್.ವೃತ್ತ, ಸಯ್ಯಾಜಿರಾವ್ ರಸ್ತೆ, ಬಸವೇಶ್ವರ ವೃತ್ತ, ಜಾಬರ ಬ್ಲಾಕ್ ಸೇರಿದಂತೆ ನಗರದ ಪ್ರಮುಖ ಬೀದಿಗಳಲ್ಲಿ ಜಾಥಾ ಸಾಗಿತು. ಸಮಾಜ ಕಲ್ಯಾಣ ಇಲಾಖೆ ಜಂಟಿ ನಿರ್ದೇಶಕ ಸಿದ್ದಲಿಂಗು, ತಾಲೂಕು ಸಮಾಜ ಕಲ್ಯಾಣಾಧಿಕಾರಿ ಶ್ರೀನಿವಾಸ ಹಾಜರಿದ್ದರು.
ಆಚರಿಸಲಾಗುತ್ತಿದ್ದು, ಇದರ ಅಂಗವಾಗಿ ಜಿಲ್ಲೆಯಲ್ಲಿ ಸಂವಿಧಾನ ಜಾಗೃತಿ ಜಾಥಾ ಸಂಚರಿಸುತ್ತಿದೆ ಎಂದು ಜಿಲ್ಲಾ ಪಂಚಾಯಿತಿ ಸಿಇಓ ತಿಳಿಸಿದರು. ಸಂವಿಧಾನದ ಪೀಠಿಕೆ ಓದುವ ಮೂಲಕ ಚಾಲನೆ ನೀಡಲಾಯಿತು.
ಅಂಬೇಡ್ಕರ್ ಅವರು ಬರೆದ ಸಂವಿಧಾನ ಜಗತ್ತಿನಲ್ಲೇ ಶ್ರೇಷ್ಠ ಸಂವಿಧಾನ. 75 ವರ್ಷಗಳ ಹಿಂದೆ ಜಾರಿಗೆ ಬಂದ ಸಂವಿಧಾನದ ಆಶಯಗಳನ್ನು ಎಲ್ಲರೂ ಪಾಲಿಸಬೇಕು. ಯುವ ಸಮುದಾಯ ಸಂವಿಧಾನದ ಬಗ್ಗೆ ತಿಳಿದುಕೊಳ್ಳಬೇಕು ಎಂದು ತಿಳಿಸಿದರು.
ಸೈಕಲ್ ಜಾಥಾಗೆ ಚಾಲನೆ ನೀಡಿದ ಮೈಸೂರು ಮಹಾನಗರ ಪಾಲಿಕೆ ಆಯುಕ್ತೆ ಮಾತನಾಡಿ, ಸಂವಿಧಾನದ ಆಶಯಗಳು ಸರ್ವರಿಗೂ ತಲುಪಬೇಕು. ಸಮಾನತೆ, ಸ್ವಾತಂತ್ರ್ಯ, ಭ್ರಾತೃತ್ವ ಸಂವಿಧಾನದ ಮೂಲ ತತ್ವಗಳಾಗಿವೆ. ಇವುಗಳನ್ನು ಅರಿತು ನಡೆಯಬೇಕು ಎಂದು ಹೇಳಿದರು.
ಅವರನ್ನು ನಾವು ಸ್ಮರಿಸಬೇಕು. ಶಾಸಕಾಂಗ, ಕಾರ್ಯಾಂಗ, ನ್ಯಾಯಾಂಗ ಹೀಗೆ ಆಡಳಿತ ನಡೆಸಬೇಕು ಎಂಬುದನ್ನು ಸಂವಿಧಾನದಲ್ಲಿ ತಿಳಿಸಲಾಗಿದೆ. ನಾವು ಇಂದು ನೆಮ್ಮದಿ ಜೀವನ ನಡೆಸುತ್ತಿರುವುದು ಸಂವಿಧಾನದಿಂದಾಗಿ ಎಂದು ತಿಳಿಸಿದರು. ಚಾಮರಾಜ ಒಡೆಯರ್ ವೃತ್ತ, ಕೆ.ಆರ್.ವೃತ್ತ, ಸಯ್ಯಾಜಿರಾವ್ ರಸ್ತೆ, ಬಸವೇಶ್ವರ ವೃತ್ತ, ಜಾಬರ ಬ್ಲಾಕ್ ಸೇರಿದಂತೆ ನಗರದ ಪ್ರಮುಖ ಬೀದಿಗಳಲ್ಲಿ ಜಾಥಾ ಸಾಗಿತು. ಸಮಾಜ ಕಲ್ಯಾಣ ಇಲಾಖೆ ಜಂಟಿ ನಿರ್ದೇಶಕ ಸಿದ್ದಲಿಂಗು, ತಾಲೂಕು ಸಮಾಜ ಕಲ್ಯಾಣಾಧಿಕಾರಿ ಶ್ರೀನಿವಾಸ ಹಾಜರಿದ್ದರು.
